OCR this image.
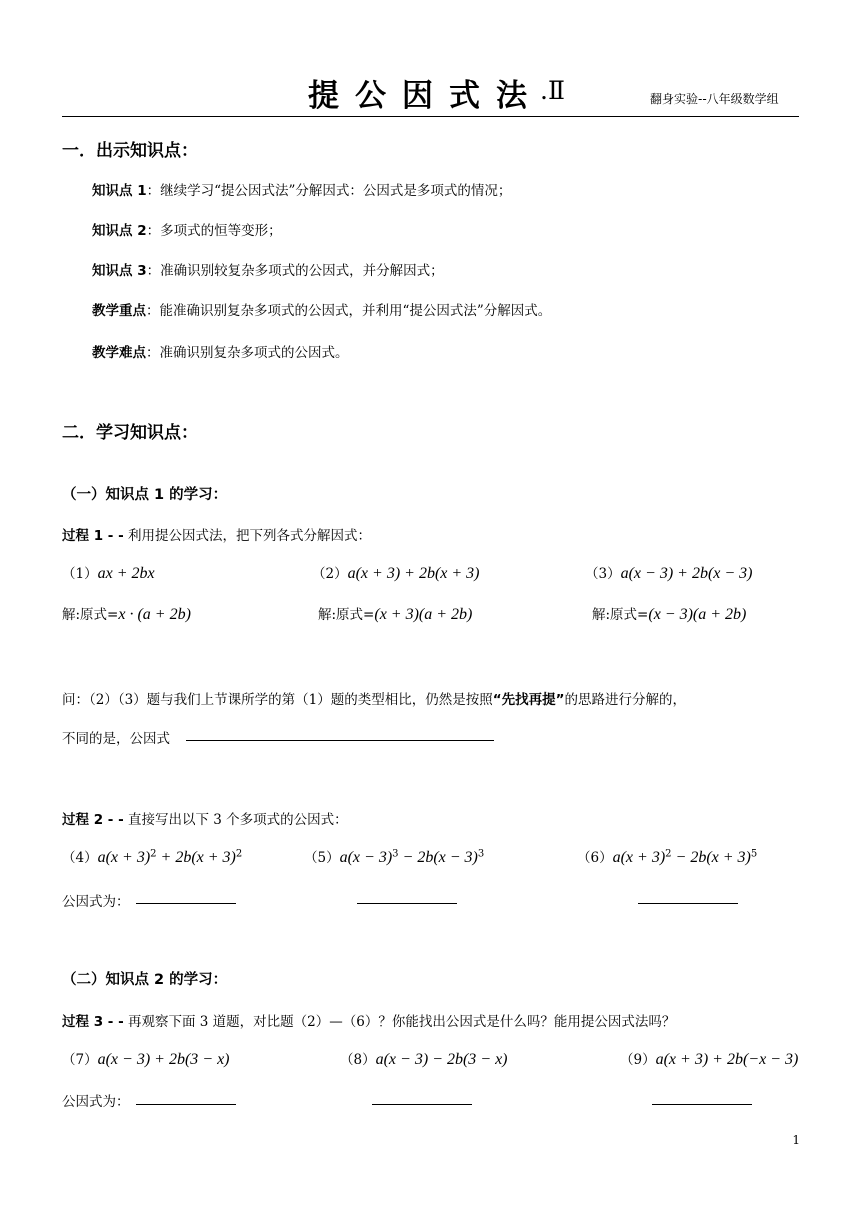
提公因式法
.Ⅱ	翻身实验--八年级数学组
一．出示知识点：
知识点 1：继续学习“提公因式法”分解因式：公因式是多项式的情况；
知识点 2：多项式的恒等变形；
知识点 3：准确识别较复杂多项式的公因式，并分解因式；
教学重点：能准确识别复杂多项式的公因式，并利用“提公因式法”分解因式。
教学难点：准确识别复杂多项式的公因式。
二．学习知识点：
（一）知识点 1 的学习：
过程 1 - - 利用提公因式法，把下列各式分解因式：
（1）ax + 2bx	（2）a(x + 3) + 2b(x + 3)	（3）a(x − 3) + 2b(x − 3)
解:原式=x · (a + 2b)	解:原式=(x + 3)(a + 2b)	解:原式=(x − 3)(a + 2b)
问：（2）（3）题与我们上节课所学的第（1）题的类型相比，仍然是按照“先找再提”的思路进行分解的，
不同的是，公因式
过程 2 - - 直接写出以下 3 个多项式的公因式：
$(4)a(x + 3)^2 + 2b(x + 3)^2$	$(5)a(x - 3)^3 - 2b(x - 3)^3$	$(6)a(x + 3)^2 - 2b(x + 3)^5$
公因式为：
（二）知识点 2 的学习：
过程 3 - - 再观察下面 3 道题，对比题（2）—（6）？你能找出公因式是什么吗？能用提公因式法吗？
（7）a(x − 3) + 2b(3 − x)	（8）a(x − 3) − 2b(3 − x)	（9）a(x + 3) + 2b(−x − 3)
公因式为：
1
